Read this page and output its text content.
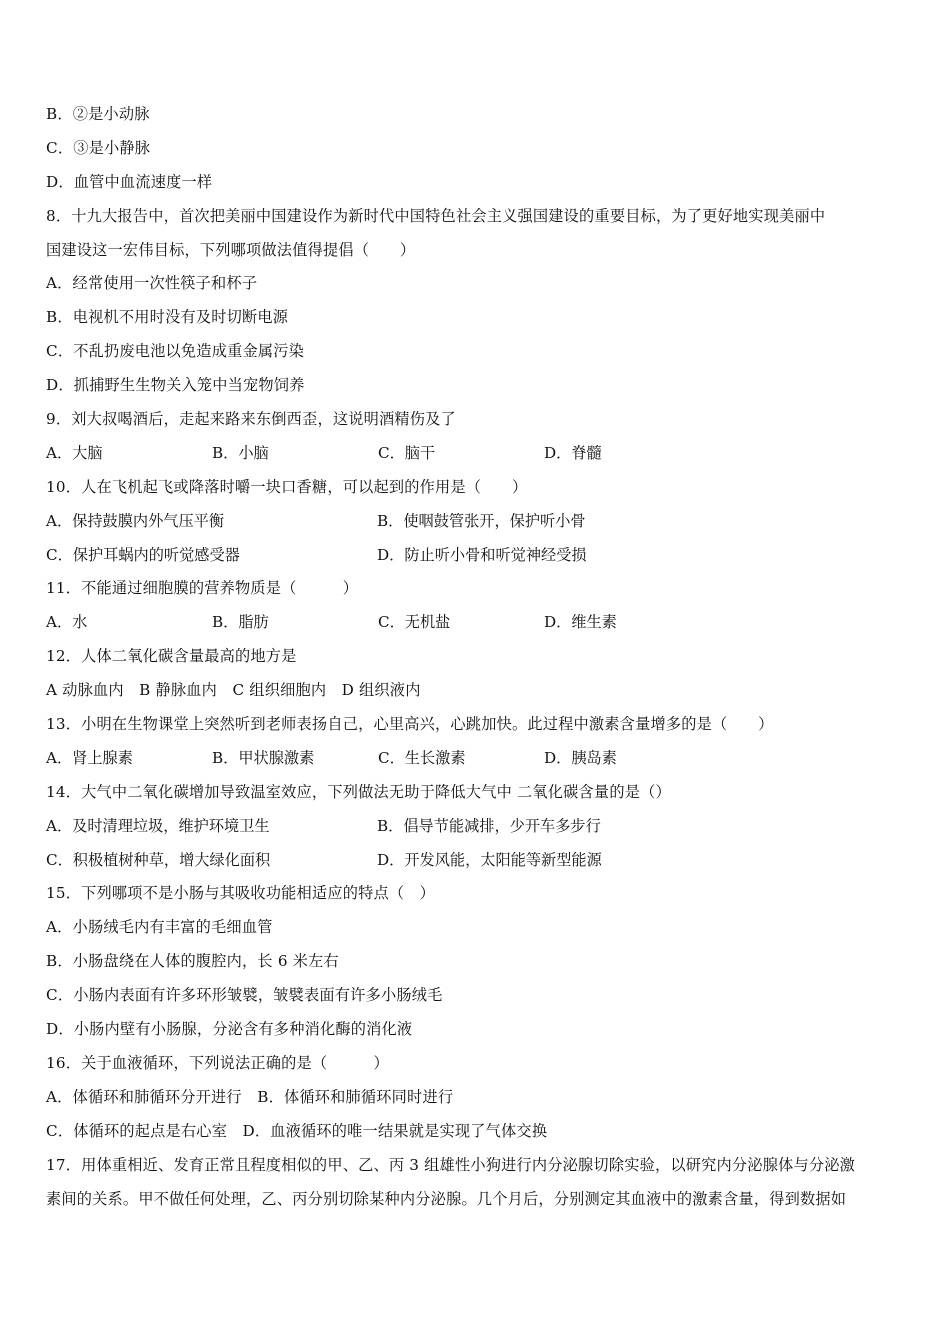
B．②是小动脉
C．③是小静脉
D．血管中血流速度一样
8．十九大报告中，首次把美丽中国建设作为新时代中国特色社会主义强国建设的重要目标，为了更好地实现美丽中
国建设这一宏伟目标，下列哪项做法值得提倡（　　）
A．经常使用一次性筷子和杯子
B．电视机不用时没有及时切断电源
C．不乱扔废电池以免造成重金属污染
D．抓捕野生生物关入笼中当宠物饲养
9．刘大叔喝酒后，走起来路来东倒西歪，这说明酒精伤及了
A．大脑	B．小脑	C．脑干	D．脊髓
10．人在飞机起飞或降落时嚼一块口香糖，可以起到的作用是（　　）
A．保持鼓膜内外气压平衡	B．使咽鼓管张开，保护听小骨
C．保护耳蜗内的听觉感受器	D．防止听小骨和听觉神经受损
11．不能通过细胞膜的营养物质是（　　　）
A．水	B．脂肪	C．无机盐	D．维生素
12．人体二氧化碳含量最高的地方是
A 动脉血内　B 静脉血内　C 组织细胞内　D 组织液内
13．小明在生物课堂上突然听到老师表扬自己，心里高兴，心跳加快。此过程中激素含量增多的是（　　）
A．肾上腺素	B．甲状腺激素	C．生长激素	D．胰岛素
14．大气中二氧化碳增加导致温室效应，下列做法无助于降低大气中 二氧化碳含量的是（）
A．及时清理垃圾，维护环境卫生	B．倡导节能减排，少开车多步行
C．积极植树种草，增大绿化面积	D．开发风能，太阳能等新型能源
15．下列哪项不是小肠与其吸收功能相适应的特点（　）
A．小肠绒毛内有丰富的毛细血管
B．小肠盘绕在人体的腹腔内，长 6 米左右
C．小肠内表面有许多环形皱襞，皱襞表面有许多小肠绒毛
D．小肠内壁有小肠腺，分泌含有多种消化酶的消化液
16．关于血液循环，下列说法正确的是（　　　）
A．体循环和肺循环分开进行　B．体循环和肺循环同时进行
C．体循环的起点是右心室　D．血液循环的唯一结果就是实现了气体交换
17．用体重相近、发育正常且程度相似的甲、乙、丙 3 组雄性小狗进行内分泌腺切除实验，以研究内分泌腺体与分泌激
素间的关系。甲不做任何处理，乙、丙分别切除某种内分泌腺。几个月后，分别测定其血液中的激素含量，得到数据如
